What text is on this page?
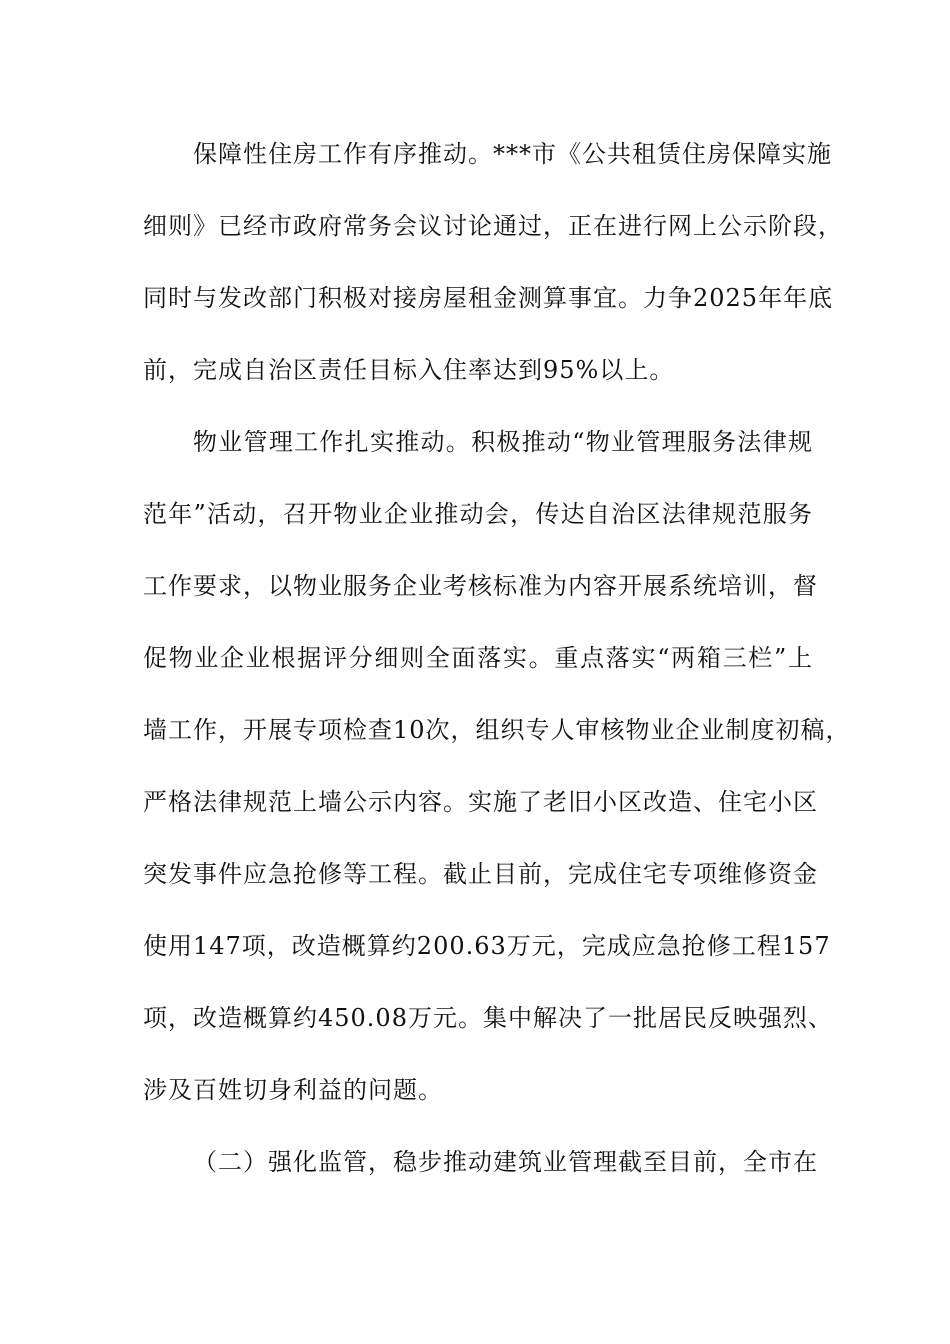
保障性住房工作有序推动。***市《公共租赁住房保障实施
细则》已经市政府常务会议讨论通过，正在进行网上公示阶段，
同时与发改部门积极对接房屋租金测算事宜。力争2025年年底
前，完成自治区责任目标入住率达到95%以上。
物业管理工作扎实推动。积极推动“物业管理服务法律规
范年”活动，召开物业企业推动会，传达自治区法律规范服务
工作要求，以物业服务企业考核标准为内容开展系统培训，督
促物业企业根据评分细则全面落实。重点落实“两箱三栏”上
墙工作，开展专项检查10次，组织专人审核物业企业制度初稿，
严格法律规范上墙公示内容。实施了老旧小区改造、住宅小区
突发事件应急抢修等工程。截止目前，完成住宅专项维修资金
使用147项，改造概算约200.63万元，完成应急抢修工程157
项，改造概算约450.08万元。集中解决了一批居民反映强烈、
涉及百姓切身利益的问题。
（二）强化监管，稳步推动建筑业管理截至目前，全市在
